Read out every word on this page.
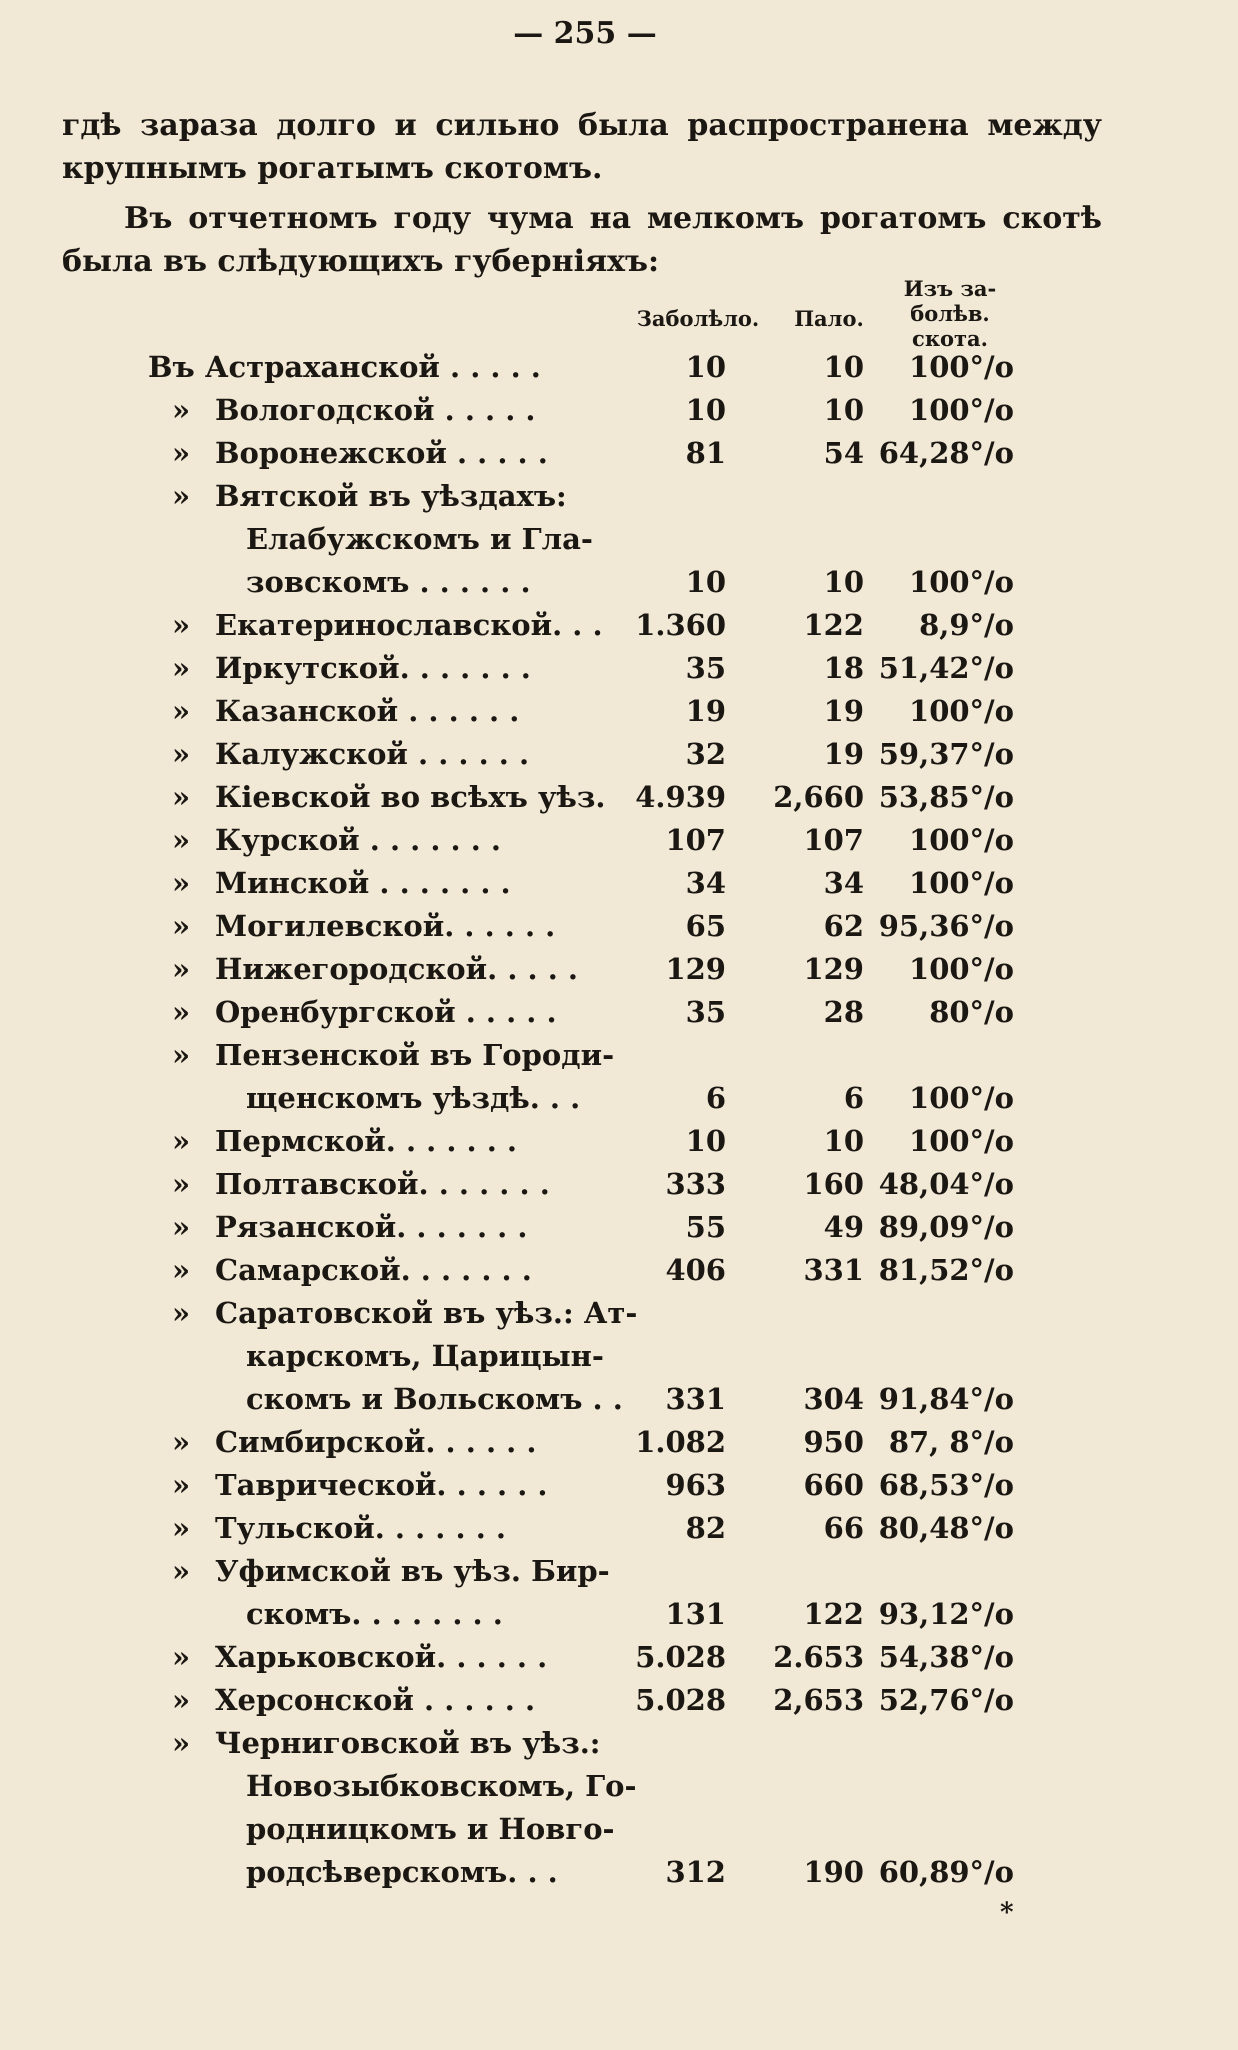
— 255 —
гдѣ зараза долго и сильно была распространена между крупнымъ рогатымъ скотомъ.
Въ отчетномъ году чума на мелкомъ рогатомъ скотѣ была въ слѣдующихъ губерніяхъ:
Заболѣло.	Пало.
Изъ за-
болѣв.
скота.
Въ Астраханской . . . . .	10	10 100°/o
» Вологодской . . . . .	10	10 100°/o
» Воронежской . . . . .	81	54 64,28°/o
» Вятской въ уѣздахъ:
Елабужскомъ и Гла-
зовскомъ . . . . . .	10	10 100°/o
» Екатеринославской. . . 1.360	122 8,9°/o
» Иркутской. . . . . . .	35	18 51,42°/o
» Казанской . . . . . .	19	19 100°/o
» Калужской . . . . . .	32	19 59,37°/o
» Кіевской во всѣхъ уѣз. 4.939 2,660 53,85°/o
» Курской . . . . . . .	107	107 100°/o
» Минской . . . . . . .	34	34 100°/o
» Могилевской. . . . . .	65	62 95,36°/o
» Нижегородской. . . . .	129	129 100°/o
» Оренбургской . . . . .	35	28 80°/o
» Пензенской въ Городи-
щенскомъ уѣздѣ. . .	6	6 100°/o
» Пермской. . . . . . .	10	10 100°/o
» Полтавской. . . . . . .	333	160 48,04°/o
» Рязанской. . . . . . .	55	49 89,09°/o
» Самарской. . . . . . .	406	331 81,52°/o
» Саратовской въ уѣз.: Ат-
карскомъ, Царицын-
скомъ и Вольскомъ . . 331	304 91,84°/o
» Симбирской. . . . . .	1.082	950 87, 8°/o
» Таврической. . . . . .	963	660 68,53°/o
» Тульской. . . . . . .	82	66 80,48°/o
» Уфимской въ уѣз. Бир-
скомъ. . . . . . . .	131	122 93,12°/o
» Харьковской. . . . . .	5.028 2.653 54,38°/o
» Херсонской . . . . . .	5.028 2,653 52,76°/o
» Черниговской въ уѣз.:
Новозыбковскомъ, Го-
родницкомъ и Новго-
родсѣверскомъ. . .	312	190 60,89°/o
*
